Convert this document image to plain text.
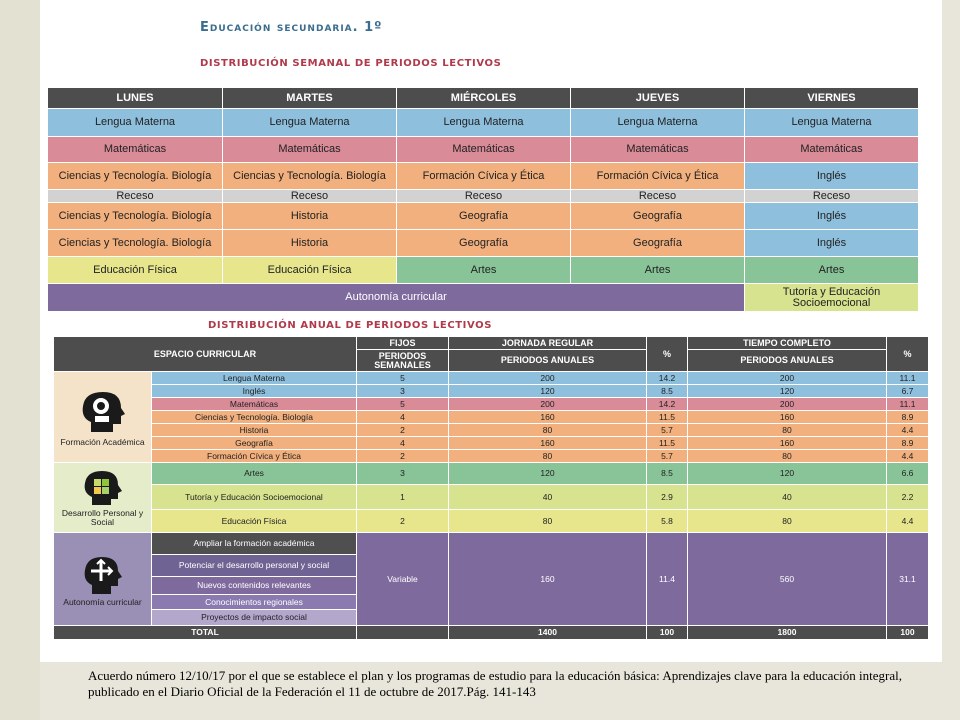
Educación secundaria. 1º
DISTRIBUCIÓN SEMANAL DE PERIODOS LECTIVOS
LUNES	MARTES	MIÉRCOLES	JUEVES	VIERNES
Lengua Materna	Lengua Materna	Lengua Materna	Lengua Materna	Lengua Materna
Matemáticas	Matemáticas	Matemáticas	Matemáticas	Matemáticas
Ciencias y Tecnología. Biología	Ciencias y Tecnología. Biología	Formación Cívica y Ética	Formación Cívica y Ética	Inglés
Receso	Receso	Receso	Receso	Receso
Ciencias y Tecnología. Biología	Historia	Geografía	Geografía	Inglés
Ciencias y Tecnología. Biología	Historia	Geografía	Geografía	Inglés
Educación Física	Educación Física	Artes	Artes	Artes
Autonomía curricular				Tutoría y Educación Socioemocional
DISTRIBUCIÓN ANUAL DE PERIODOS LECTIVOS
ESPACIO CURRICULAR		FIJOS	JORNADA REGULAR	%	TIEMPO COMPLETO	%
		PERIODOS SEMANALES	PERIODOS ANUALES		PERIODOS ANUALES	

Formación Académica	Lengua Materna	5	200	14.2	200	11.1
	Inglés	3	120	8.5	120	6.7
	Matemáticas	5	200	14.2	200	11.1
	Ciencias y Tecnología. Biología	4	160	11.5	160	8.9
	Historia	2	80	5.7	80	4.4
	Geografía	4	160	11.5	160	8.9
	Formación Cívica y Ética	2	80	5.7	80	4.4

Desarrollo Personal y Social	Artes	3	120	8.5	120	6.6
	Tutoría y Educación Socioemocional	1	40	2.9	40	2.2
	Educación Física	2	80	5.8	80	4.4

Autonomía curricular	Ampliar la formación académica	Variable	160	11.4	560	31.1
	Potenciar el desarrollo personal y social					
	Nuevos contenidos relevantes					
	Conocimientos regionales					
	Proyectos de impacto social					
TOTAL			1400	100	1800	100
Acuerdo número 12/10/17 por el que se establece el plan y los programas de estudio para la educación básica: Aprendizajes clave para la educación integral, publicado en el Diario Oficial de la Federación el 11 de octubre de 2017.Pág. 141-143
